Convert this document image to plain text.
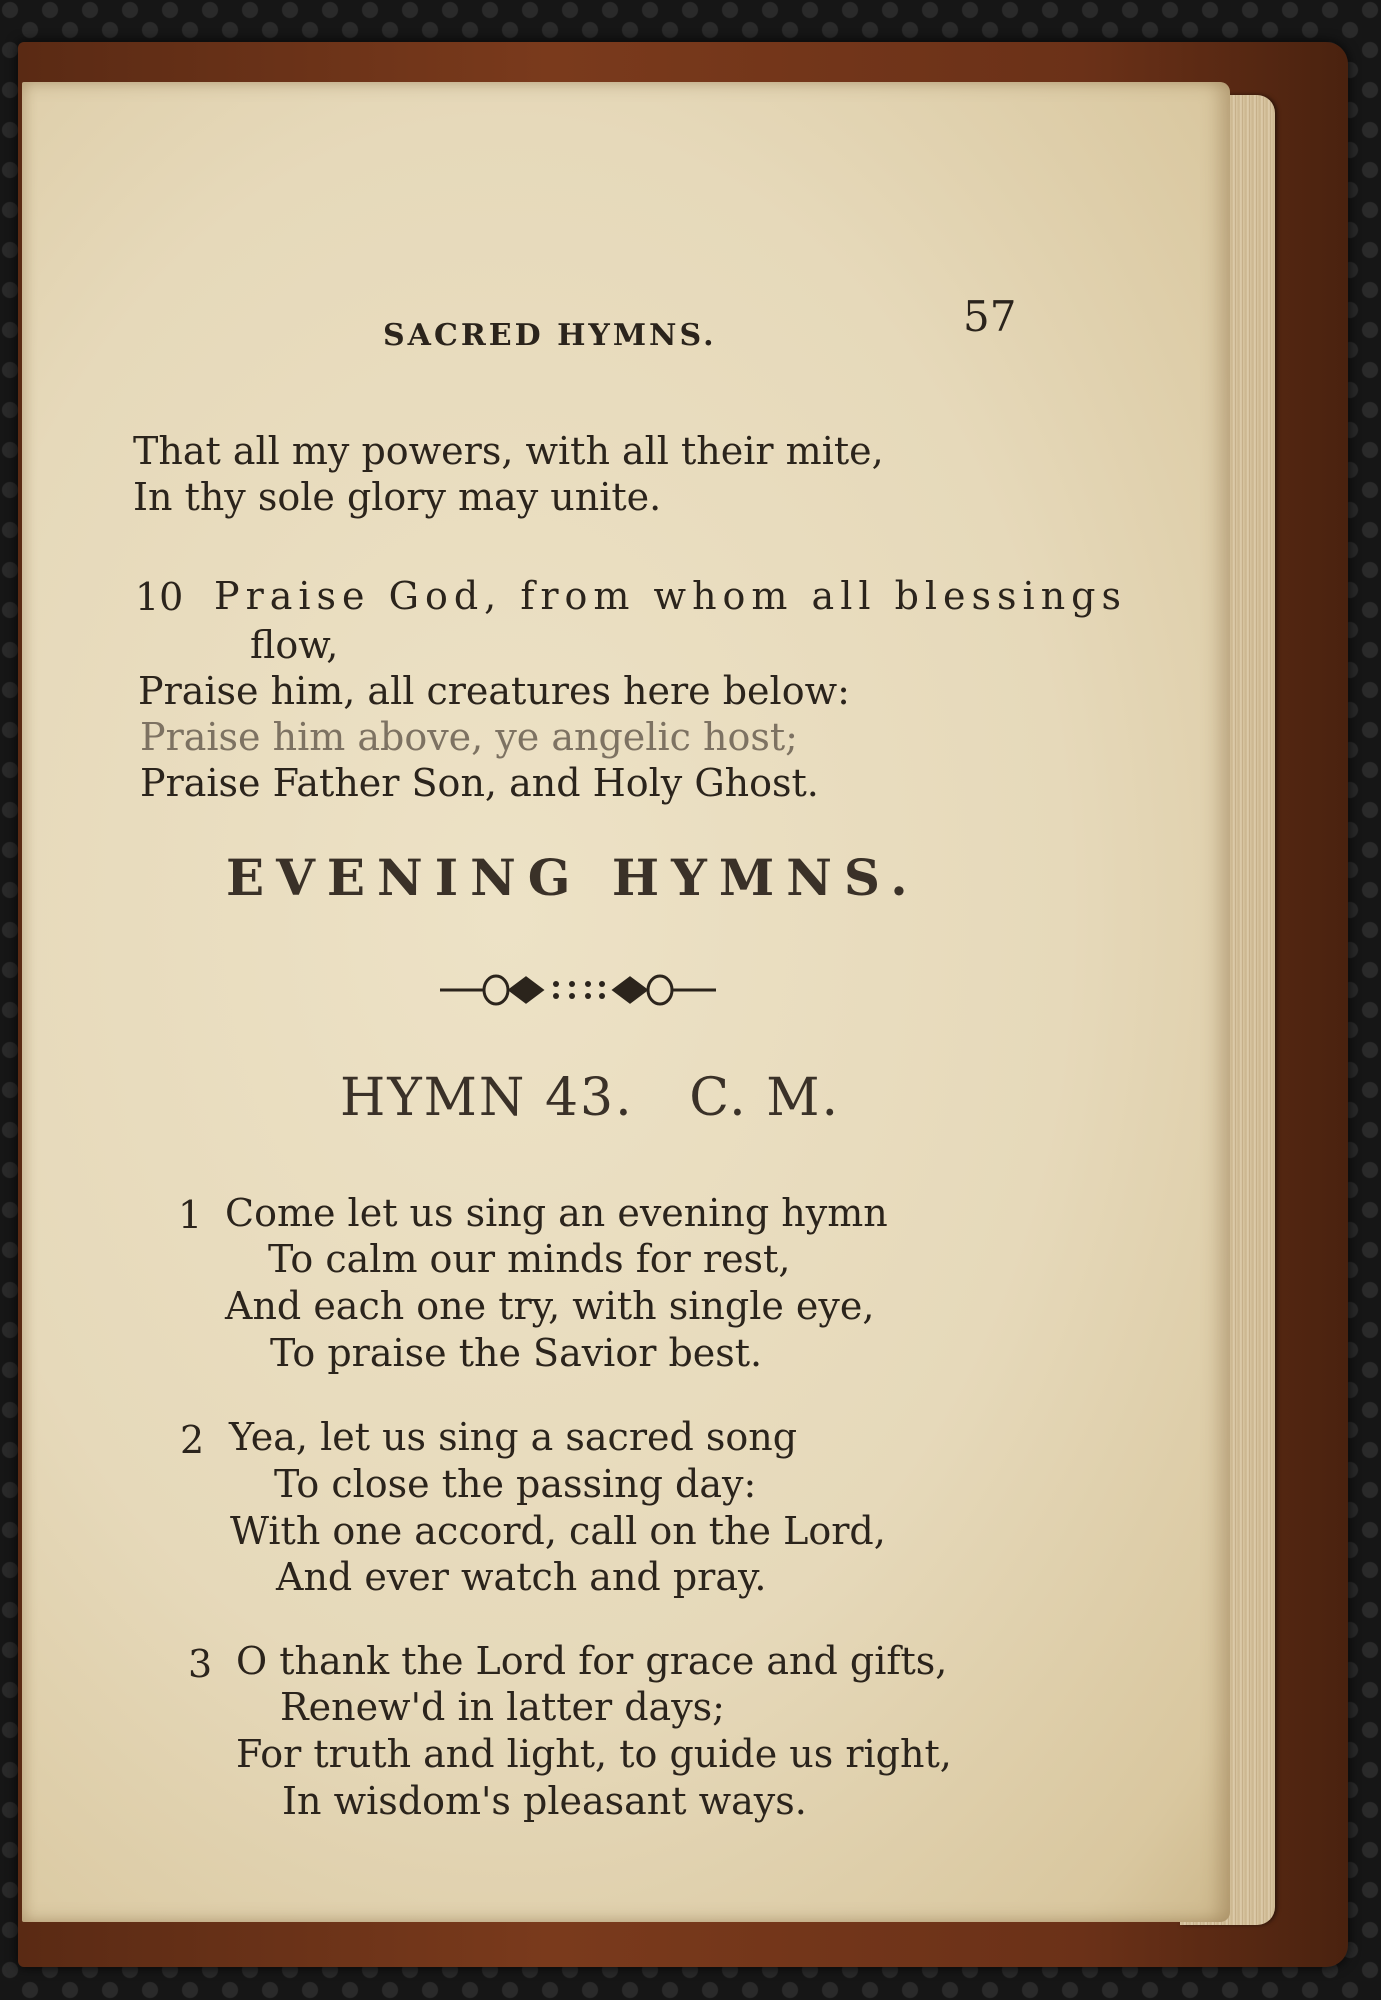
SACRED HYMNS.	57
That all my powers, with all their mite,
In thy sole glory may unite.
10 Praise God, from whom all blessings
flow,
Praise him, all creatures here below:
Praise him above, ye angelic host;
Praise Father Son, and Holy Ghost.
EVENING HYMNS.
HYMN 43.   C. M.
1 Come let us sing an evening hymn
To calm our minds for rest,
And each one try, with single eye,
To praise the Savior best.
2 Yea, let us sing a sacred song
To close the passing day:
With one accord, call on the Lord,
And ever watch and pray.
3 O thank the Lord for grace and gifts,
Renew'd in latter days;
For truth and light, to guide us right,
In wisdom's pleasant ways.
